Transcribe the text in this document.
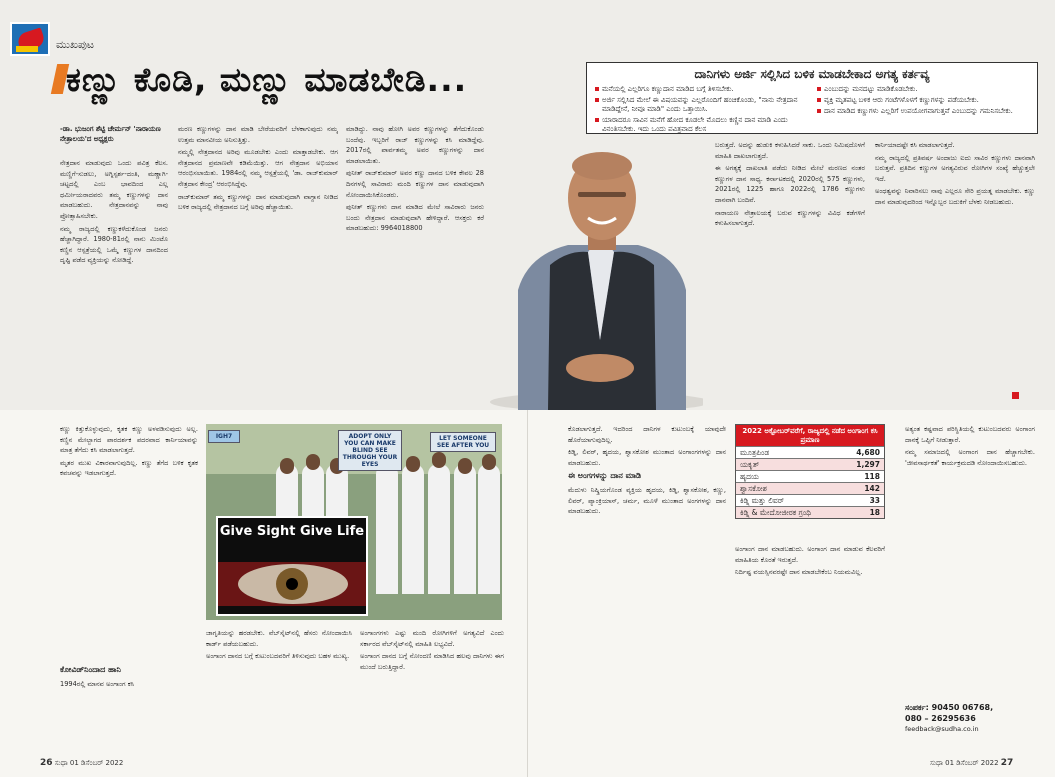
ಮುಖಪುಟ
ಕಣ್ಣು ಕೊಡಿ, ಮಣ್ಣು ಮಾಡಬೇಡಿ...	ದಾನಿಗಳು ಅರ್ಜಿ ಸಲ್ಲಿಸಿದ ಬಳಿಕ ಮಾಡಬೇಕಾದ ಅಗತ್ಯ ಕರ್ತವ್ಯ
ಮನೆಯಲ್ಲಿ ಎಲ್ಲರಿಗೂ ಕಣ್ಣುದಾನ ಮಾಡಿದ ಬಗ್ಗೆ ತಿಳಿಸಬೇಕು.
ಅರ್ಜಿ ಸಲ್ಲಿಸಿದ ಮೇಲೆ ಈ ವಿಷಯವನ್ನು ಎಲ್ಲರೊಂದಿಗೆ ಹಂಚಿಕೊಂಡು, "ನಾನು ನೇತ್ರದಾನ ಮಾಡಿದ್ದೇನೆ, ನೀವೂ ಮಾಡಿ" ಎಂದು ಒತ್ತಾಯಿಸಿ.
ಯಾರಾದರೂ ಸಾವಿನ ಮನೆಗೆ ಹೋದ ಕೂಡಲೇ ಮೊದಲು ಕಣ್ಣಿನ ದಾನ ಮಾಡಿ ಎಂದು ವಿನಂತಿಸಬೇಕು. ಇದು ಒಂದು ಪವಿತ್ರವಾದ ಕೆಲಸ
ಎಂಬುದನ್ನು ಮನದಟ್ಟು ಮಾಡಿಕೊಡಬೇಕು.
ವ್ಯಕ್ತಿ ಮೃತಪಟ್ಟ ಬಳಿಕ ಆರು ಗಂಟೆಗಳೊಳಗೆ ಕಣ್ಣುಗಳನ್ನು ಪಡೆಯಬೇಕು.
ದಾನ ಮಾಡಿದ ಕಣ್ಣುಗಳು ಎಲ್ಲರಿಗೆ ಉಪಯೋಗವಾಗುತ್ತವೆ ಎಂಬುದನ್ನು ಗಮನಿಸಬೇಕು.
-ಡಾ. ಭುಜಂಗ ಶೆಟ್ಟಿ ಚೇರ್ಮನ್ 'ನಾರಾಯಣ ನೇತ್ರಾಲಯ'ದ ಅಧ್ಯಕ್ಷರು

ನೇತ್ರದಾನ ಮಾಡುವುದು ಒಂದು ಪವಿತ್ರ ಕೆಲಸ. ಮಣ್ಣಿಗೆ-ಸುಡಲು, ಅಗ್ನಿಸ್ಪರ್ಶ-ದಂತಿ, ಮಣ್ಣಾಗಿ-ಚಟ್ಟದಲ್ಲಿ ಎಂಬ ಭಾವದಿಂದ ಎಲ್ಲ ಧರ್ಮೀಯರಾದವರು ತಮ್ಮ ಕಣ್ಣುಗಳನ್ನು ದಾನ ಮಾಡಬಹುದು. ನೇತ್ರದಾನವನ್ನು ನಾವು ಪ್ರೋತ್ಸಾಹಿಸಬೇಕು.

ನಮ್ಮ ರಾಜ್ಯದಲ್ಲಿ ಕಣ್ಣುಕಳೆದುಕೊಂಡ ಜನರು ಹೆಚ್ಚಾಗಿದ್ದಾರೆ. 1980-81ರಲ್ಲಿ ನಾನು ಮಿಂಟೊ ಕಣ್ಣಿನ ಆಸ್ಪತ್ರೆಯಲ್ಲಿ ಒಮ್ಮೆ ಕಣ್ಣುಗಳ ದಾನದಿಂದ ದೃಷ್ಟಿ ಪಡೆದ ವ್ಯಕ್ತಿಯನ್ನು ನೋಡಿದ್ದೆ.

ಮರಣ ಕಣ್ಣುಗಳನ್ನು ದಾನ ಮಾಡಿ ಬೇರೆಯವರಿಗೆ ಬೆಳಕಾಗುವುದು ನಮ್ಮ ಉತ್ತಮ ಮಾನವೀಯ ಅನಿಸುತ್ತಿತ್ತು.

ನಮ್ಮಲ್ಲಿ ನೇತ್ರದಾನದ ಅರಿವು ಮೂಡಬೇಕು ಎಂದು ಮಾತ್ತಾಡಬೇಕು. ಆಗ ನೇತ್ರದಾನದ ಪ್ರಮಾಣವೇ ಕಡಿಮೆಯಿತ್ತು. ಆಗ ನೇತ್ರದಾನ ಅಭಿಯಾನ ಆರಂಭಿಸಲಾಯಿತು. 1984ರಲ್ಲಿ ನಮ್ಮ ಆಸ್ಪತ್ರೆಯಲ್ಲಿ 'ಡಾ. ರಾಜ್‌ಕುಮಾರ್ ನೇತ್ರದಾನ ಕೇಂದ್ರ' ಆರಂಭಿಸಿದ್ದೆವು.

ರಾಜ್‌ಕುಮಾರ್ ತಮ್ಮ ಕಣ್ಣುಗಳನ್ನು ದಾನ ಮಾಡುವುದಾಗಿ ವಾಗ್ದಾನ ನೀಡಿದ ಬಳಿಕ ರಾಜ್ಯದಲ್ಲಿ ನೇತ್ರದಾನದ ಬಗ್ಗೆ ಅರಿವು ಹೆಚ್ಚಾಯಿತು.

ಮಾಡಿದ್ದು. ನಾವು ಹೋಗಿ ಅವರ ಕಣ್ಣುಗಳನ್ನು ತೆಗೆದುಕೊಂಡು ಬಂದೆವು. ಇಬ್ಬರಿಗೆ ರಾಜ್ ಕಣ್ಣುಗಳನ್ನು ಕಸಿ ಮಾಡಿದ್ದೆವು. 2017ರಲ್ಲಿ ಪಾರ್ವತಮ್ಮ ಅವರ ಕಣ್ಣುಗಳನ್ನು ದಾನ ಮಾಡಲಾಯಿತು.

ಪುನೀತ್ ರಾಜ್‌ಕುಮಾರ್ ಅವರ ಕಣ್ಣು ದಾನದ ಬಳಿಕ ಕೇವಲ 28 ದಿನಗಳಲ್ಲಿ ಸಾವಿರಾರು ಮಂದಿ ಕಣ್ಣುಗಳ ದಾನ ಮಾಡುವುದಾಗಿ ನೋಂದಾಯಿಸಿಕೊಂಡರು.

ಪುನೀತ್ ಕಣ್ಣುಗಳು ದಾನ ಮಾಡಿದ ಮೇಲೆ ಸಾವಿರಾರು ಜನರು ಬಂದು ನೇತ್ರದಾನ ಮಾಡುವುದಾಗಿ ಹೇಳಿದ್ದಾರೆ. ಆಸಕ್ತರು ಕರೆ ಮಾಡಬಹುದು: 9964018800

ಬರುತ್ತದೆ. ಅದನ್ನು ಹುಡುಕಿ ಕಳುಹಿಸಿದರೆ ಸಾಕು. ಒಂದು ನಿಮಿಷದೊಳಗೆ ಮಾಹಿತಿ ದಾಖಲಾಗುತ್ತದೆ.

ಈ ಅಗತ್ಯಕ್ಕೆ ದಾಖಲಾತಿ ಪಡೆದು ನೀಡಿದ ಮೇಲೆ ಮರಣದ ನಂತರ ಕಣ್ಣುಗಳ ದಾನ ಸಾಧ್ಯ. ಕರ್ನಾಟಕದಲ್ಲಿ 2020ರಲ್ಲಿ 575 ಕಣ್ಣುಗಳು, 2021ರಲ್ಲಿ 1225 ಹಾಗೂ 2022ರಲ್ಲಿ 1786 ಕಣ್ಣುಗಳು ದಾನವಾಗಿ ಬಂದಿವೆ.

ನಾರಾಯಣ ನೇತ್ರಾಲಯಕ್ಕೆ ಬರುವ ಕಣ್ಣುಗಳನ್ನು ವಿವಿಧ ಕಡೆಗಳಿಗೆ ಕಳುಹಿಸಲಾಗುತ್ತದೆ.

ಕಾರ್ನಿಯಾದಷ್ಟೇ ಕಸಿ ಮಾಡಲಾಗುತ್ತದೆ.

ನಮ್ಮ ರಾಜ್ಯದಲ್ಲಿ ಪ್ರತಿವರ್ಷ ಅಂದಾಜು ಐದು ಸಾವಿರ ಕಣ್ಣುಗಳು ದಾನವಾಗಿ ಬರುತ್ತವೆ. ಪ್ರತಿದಿನ ಕಣ್ಣುಗಳ ಅಗತ್ಯವಿರುವ ರೋಗಿಗಳ ಸಂಖ್ಯೆ ಹೆಚ್ಚುತ್ತಲೇ ಇದೆ.

ಅಂಧತ್ವವನ್ನು ನಿವಾರಿಸಲು ನಾವು ಎಲ್ಲರೂ ಸೇರಿ ಪ್ರಯತ್ನ ಮಾಡಬೇಕು. ಕಣ್ಣು ದಾನ ಮಾಡುವುದರಿಂದ ಇನ್ನೊಬ್ಬರ ಬದುಕಿಗೆ ಬೆಳಕು ನೀಡಬಹುದು.

ಕಣ್ಣು ಕಿತ್ತುಕೊಳ್ಳುವುದು, ಕೃತಕ ಕಣ್ಣು ಅಳವಡಿಸುವುದು ಅಲ್ಲ. ಕಣ್ಣಿನ ಮೇಲ್ಭಾಗದ ಪಾರದರ್ಶಕ ಪದರವಾದ ಕಾರ್ನಿಯಾವನ್ನು ಮಾತ್ರ ತೆಗೆದು ಕಸಿ ಮಾಡಲಾಗುತ್ತದೆ.

ಮೃತರ ಮುಖ ವಿಕಾರವಾಗುವುದಿಲ್ಲ. ಕಣ್ಣು ತೆಗೆದ ಬಳಿಕ ಕೃತಕ ಕವಚವನ್ನು ಇಡಲಾಗುತ್ತದೆ.

ಕೋವಿಡ್‌ನಿಂದಾದ ಹಾನಿ

1994ರಲ್ಲಿ ಮಾನವ ಅಂಗಾಂಗ ಕಸಿ

ADOPT ONLY YOU CAN MAKE BLIND SEE THROUGH YOUR EYES
LET SOMEONE SEE AFTER YOU
IGH7
Give Sight Give Life

ಜಾಗೃತಿಯನ್ನು ಹರಡಬೇಕು. ವೆಬ್‌ಸೈಟ್‌ನಲ್ಲಿ ಹೆಸರು ನೋಂದಾಯಿಸಿ ಕಾರ್ಡ್ ಪಡೆಯಬಹುದು.

ಅಂಗಾಂಗ ದಾನದ ಬಗ್ಗೆ ಕುಟುಂಬದವರಿಗೆ ತಿಳಿಸುವುದು ಬಹಳ ಮುಖ್ಯ.

ಅಂಗಾಂಗಗಳು ಎಷ್ಟು ಮಂದಿ ರೋಗಿಗಳಿಗೆ ಅಗತ್ಯವಿದೆ ಎಂದು ಸರ್ಕಾರದ ವೆಬ್‌ಸೈಟ್‌ನಲ್ಲಿ ಮಾಹಿತಿ ಲಭ್ಯವಿದೆ.

ಅಂಗಾಂಗ ದಾನದ ಬಗ್ಗೆ ನೋಂದಣಿ ಮಾಡಿಸಿದ ಹಲವು ದಾನಿಗಳು ಈಗ ಮುಂದೆ ಬರುತ್ತಿದ್ದಾರೆ.

ಕೊಡಲಾಗುತ್ತದೆ. ಇದರಿಂದ ದಾನಿಗಳ ಕುಟುಂಬಕ್ಕೆ ಯಾವುದೇ ಹೊರೆಯಾಗುವುದಿಲ್ಲ.

ಕಿಡ್ನಿ, ಲಿವರ್, ಹೃದಯ, ಶ್ವಾಸಕೋಶ ಮುಂತಾದ ಅಂಗಾಂಗಗಳನ್ನು ದಾನ ಮಾಡಬಹುದು.

ಈ ಅಂಗಗಳನ್ನು ದಾನ ಮಾಡಿ

ಮೆದುಳು ನಿಷ್ಕ್ರಿಯಗೊಂಡ ವ್ಯಕ್ತಿಯ ಹೃದಯ, ಕಿಡ್ನಿ, ಶ್ವಾಸಕೋಶ, ಕಣ್ಣು, ಲಿವರ್, ಪ್ಯಾಂಕ್ರಿಯಾಸ್, ಚರ್ಮ, ಮೂಳೆ ಮುಂತಾದ ಅಂಗಗಳನ್ನು ದಾನ ಮಾಡಬಹುದು.

2022 ಅಕ್ಟೋಬರ್‌ವರೆಗೆ, ರಾಜ್ಯದಲ್ಲಿ ನಡೆದ ಅಂಗಾಂಗ ಕಸಿ ಪ್ರಮಾಣ
ಮೂತ್ರಪಿಂಡ	4,680
ಯಕೃತ್	1,297
ಹೃದಯ	118
ಶ್ವಾಸಕೋಶ	142
ಕಿಡ್ನಿ ಮತ್ತು ಲಿವರ್	33
ಕಿಡ್ನಿ & ಮೇದೋಜೀರಕ ಗ್ರಂಥಿ	18

ಅಂಗಾಂಗ ದಾನ ಮಾಡಬಹುದು. ಅಂಗಾಂಗ ದಾನ ಮಾಡುವ ಕೆಲವರಿಗೆ ಮಾಹಿತಿಯ ಕೊರತೆ ಇರುತ್ತದೆ.

ನಿರ್ದಿಷ್ಟ ವಯಸ್ಸಿನವರಷ್ಟೇ ದಾನ ಮಾಡಬೇಕೆಂಬ ನಿಯಮವಿಲ್ಲ.

ಅತ್ಯಂತ ಕಷ್ಟವಾದ ಪರಿಸ್ಥಿತಿಯಲ್ಲಿ ಕುಟುಂಬದವರು ಅಂಗಾಂಗ ದಾನಕ್ಕೆ ಒಪ್ಪಿಗೆ ನೀಡುತ್ತಾರೆ.

ನಮ್ಮ ಸಮಾಜದಲ್ಲಿ ಅಂಗಾಂಗ ದಾನ ಹೆಚ್ಚಾಗಬೇಕು. 'ಜೀವಸಾರ್ಥಕತೆ' ಕಾರ್ಯಕ್ರಮದಡಿ ನೋಂದಾಯಿಸಬಹುದು.

ಸಂಪರ್ಕ: 90450 06768,
080 – 26295636
feedback@sudha.co.in
26 ಸುಧಾ 01 ಡಿಸೆಂಬರ್ 2022	ಸುಧಾ 01 ಡಿಸೆಂಬರ್ 2022 27
